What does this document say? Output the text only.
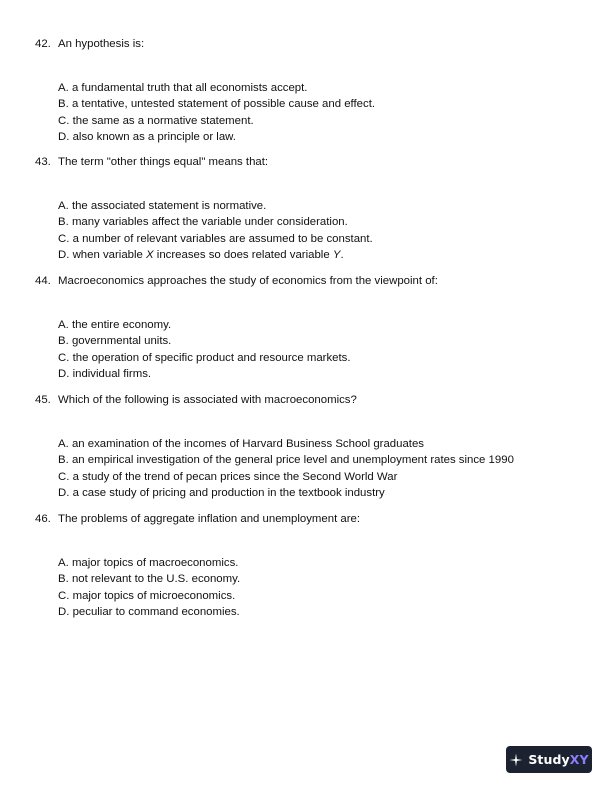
42. An hypothesis is:
A. a fundamental truth that all economists accept.
B. a tentative, untested statement of possible cause and effect.
C. the same as a normative statement.
D. also known as a principle or law.
43. The term "other things equal" means that:
A. the associated statement is normative.
B. many variables affect the variable under consideration.
C. a number of relevant variables are assumed to be constant.
D. when variable X increases so does related variable Y.
44. Macroeconomics approaches the study of economics from the viewpoint of:
A. the entire economy.
B. governmental units.
C. the operation of specific product and resource markets.
D. individual firms.
45. Which of the following is associated with macroeconomics?
A. an examination of the incomes of Harvard Business School graduates
B. an empirical investigation of the general price level and unemployment rates since 1990
C. a study of the trend of pecan prices since the Second World War
D. a case study of pricing and production in the textbook industry
46. The problems of aggregate inflation and unemployment are:
A. major topics of macroeconomics.
B. not relevant to the U.S. economy.
C. major topics of microeconomics.
D. peculiar to command economies.
StudyXY
